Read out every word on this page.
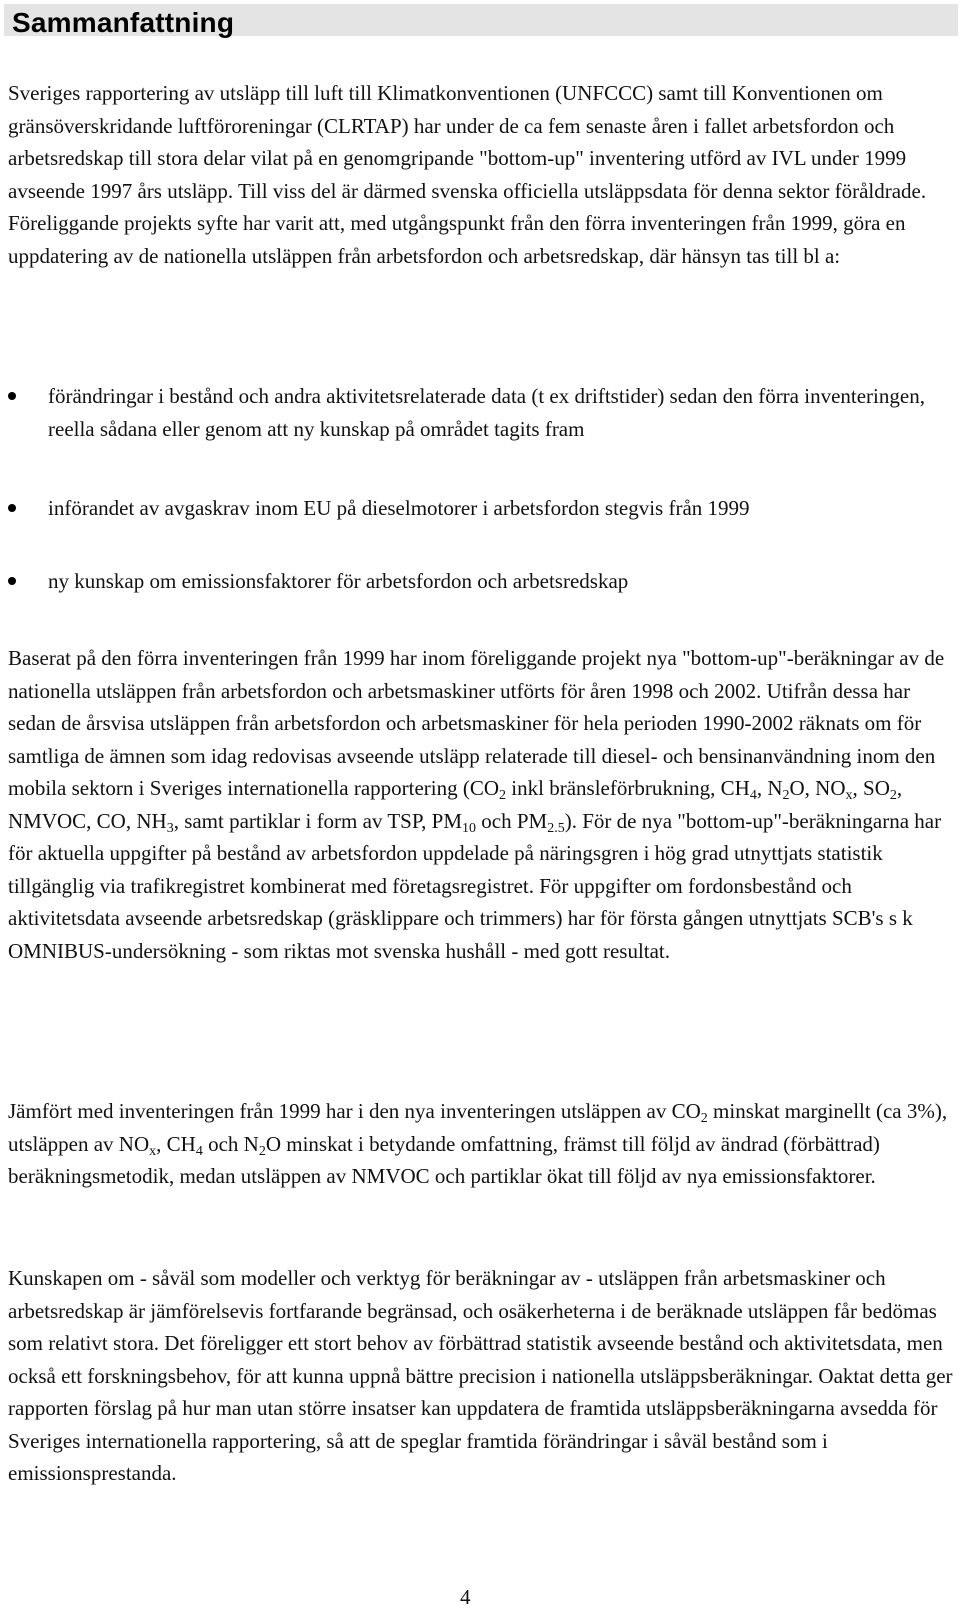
Sammanfattning

Sveriges rapportering av utsläpp till luft till Klimatkonventionen (UNFCCC) samt till Konventionen om gränsöverskridande luftföroreningar (CLRTAP) har under de ca fem senaste åren i fallet arbetsfordon och arbetsredskap till stora delar vilat på en genomgripande "bottom-up" inventering utförd av IVL under 1999 avseende 1997 års utsläpp. Till viss del är därmed svenska officiella utsläppsdata för denna sektor föråldrade. Föreliggande projekts syfte har varit att, med utgångspunkt från den förra inventeringen från 1999, göra en uppdatering av de nationella utsläppen från arbetsfordon och arbetsredskap, där hänsyn tas till bl a:

förändringar i bestånd och andra aktivitetsrelaterade data (t ex driftstider) sedan den förra inventeringen, reella sådana eller genom att ny kunskap på området tagits fram
införandet av avgaskrav inom EU på dieselmotorer i arbetsfordon stegvis från 1999
ny kunskap om emissionsfaktorer för arbetsfordon och arbetsredskap

Baserat på den förra inventeringen från 1999 har inom föreliggande projekt nya "bottom-up"-beräkningar av de nationella utsläppen från arbetsfordon och arbetsmaskiner utförts för åren 1998 och 2002. Utifrån dessa har sedan de årsvisa utsläppen från arbetsfordon och arbetsmaskiner för hela perioden 1990-2002 räknats om för samtliga de ämnen som idag redovisas avseende utsläpp relaterade till diesel- och bensinanvändning inom den mobila sektorn i Sveriges internationella rapportering ($CO_2$ inkl bränsleförbrukning, $CH_4$, $N_2O$, $NO_x$, $SO_2$, NMVOC, CO, $NH_3$, samt partiklar i form av TSP, $PM_{10}$ och $PM_{2.5}$). För de nya "bottom-up"-beräkningarna har för aktuella uppgifter på bestånd av arbetsfordon uppdelade på näringsgren i hög grad utnyttjats statistik tillgänglig via trafikregistret kombinerat med företagsregistret. För uppgifter om fordonsbestånd och aktivitetsdata avseende arbetsredskap (gräsklippare och trimmers) har för första gången utnyttjats SCB's s k OMNIBUS-undersökning - som riktas mot svenska hushåll - med gott resultat.

Jämfört med inventeringen från 1999 har i den nya inventeringen utsläppen av $CO_2$ minskat marginellt (ca 3%), utsläppen av $NO_x$, $CH_4$ och $N_2O$ minskat i betydande omfattning, främst till följd av ändrad (förbättrad) beräkningsmetodik, medan utsläppen av NMVOC och partiklar ökat till följd av nya emissionsfaktorer.

Kunskapen om - såväl som modeller och verktyg för beräkningar av - utsläppen från arbetsmaskiner och arbetsredskap är jämförelsevis fortfarande begränsad, och osäkerheterna i de beräknade utsläppen får bedömas som relativt stora. Det föreligger ett stort behov av förbättrad statistik avseende bestånd och aktivitetsdata, men också ett forskningsbehov, för att kunna uppnå bättre precision i nationella utsläppsberäkningar. Oaktat detta ger rapporten förslag på hur man utan större insatser kan uppdatera de framtida utsläppsberäkningarna avsedda för Sveriges internationella rapportering, så att de speglar framtida förändringar i såväl bestånd som i emissionsprestanda.

4
